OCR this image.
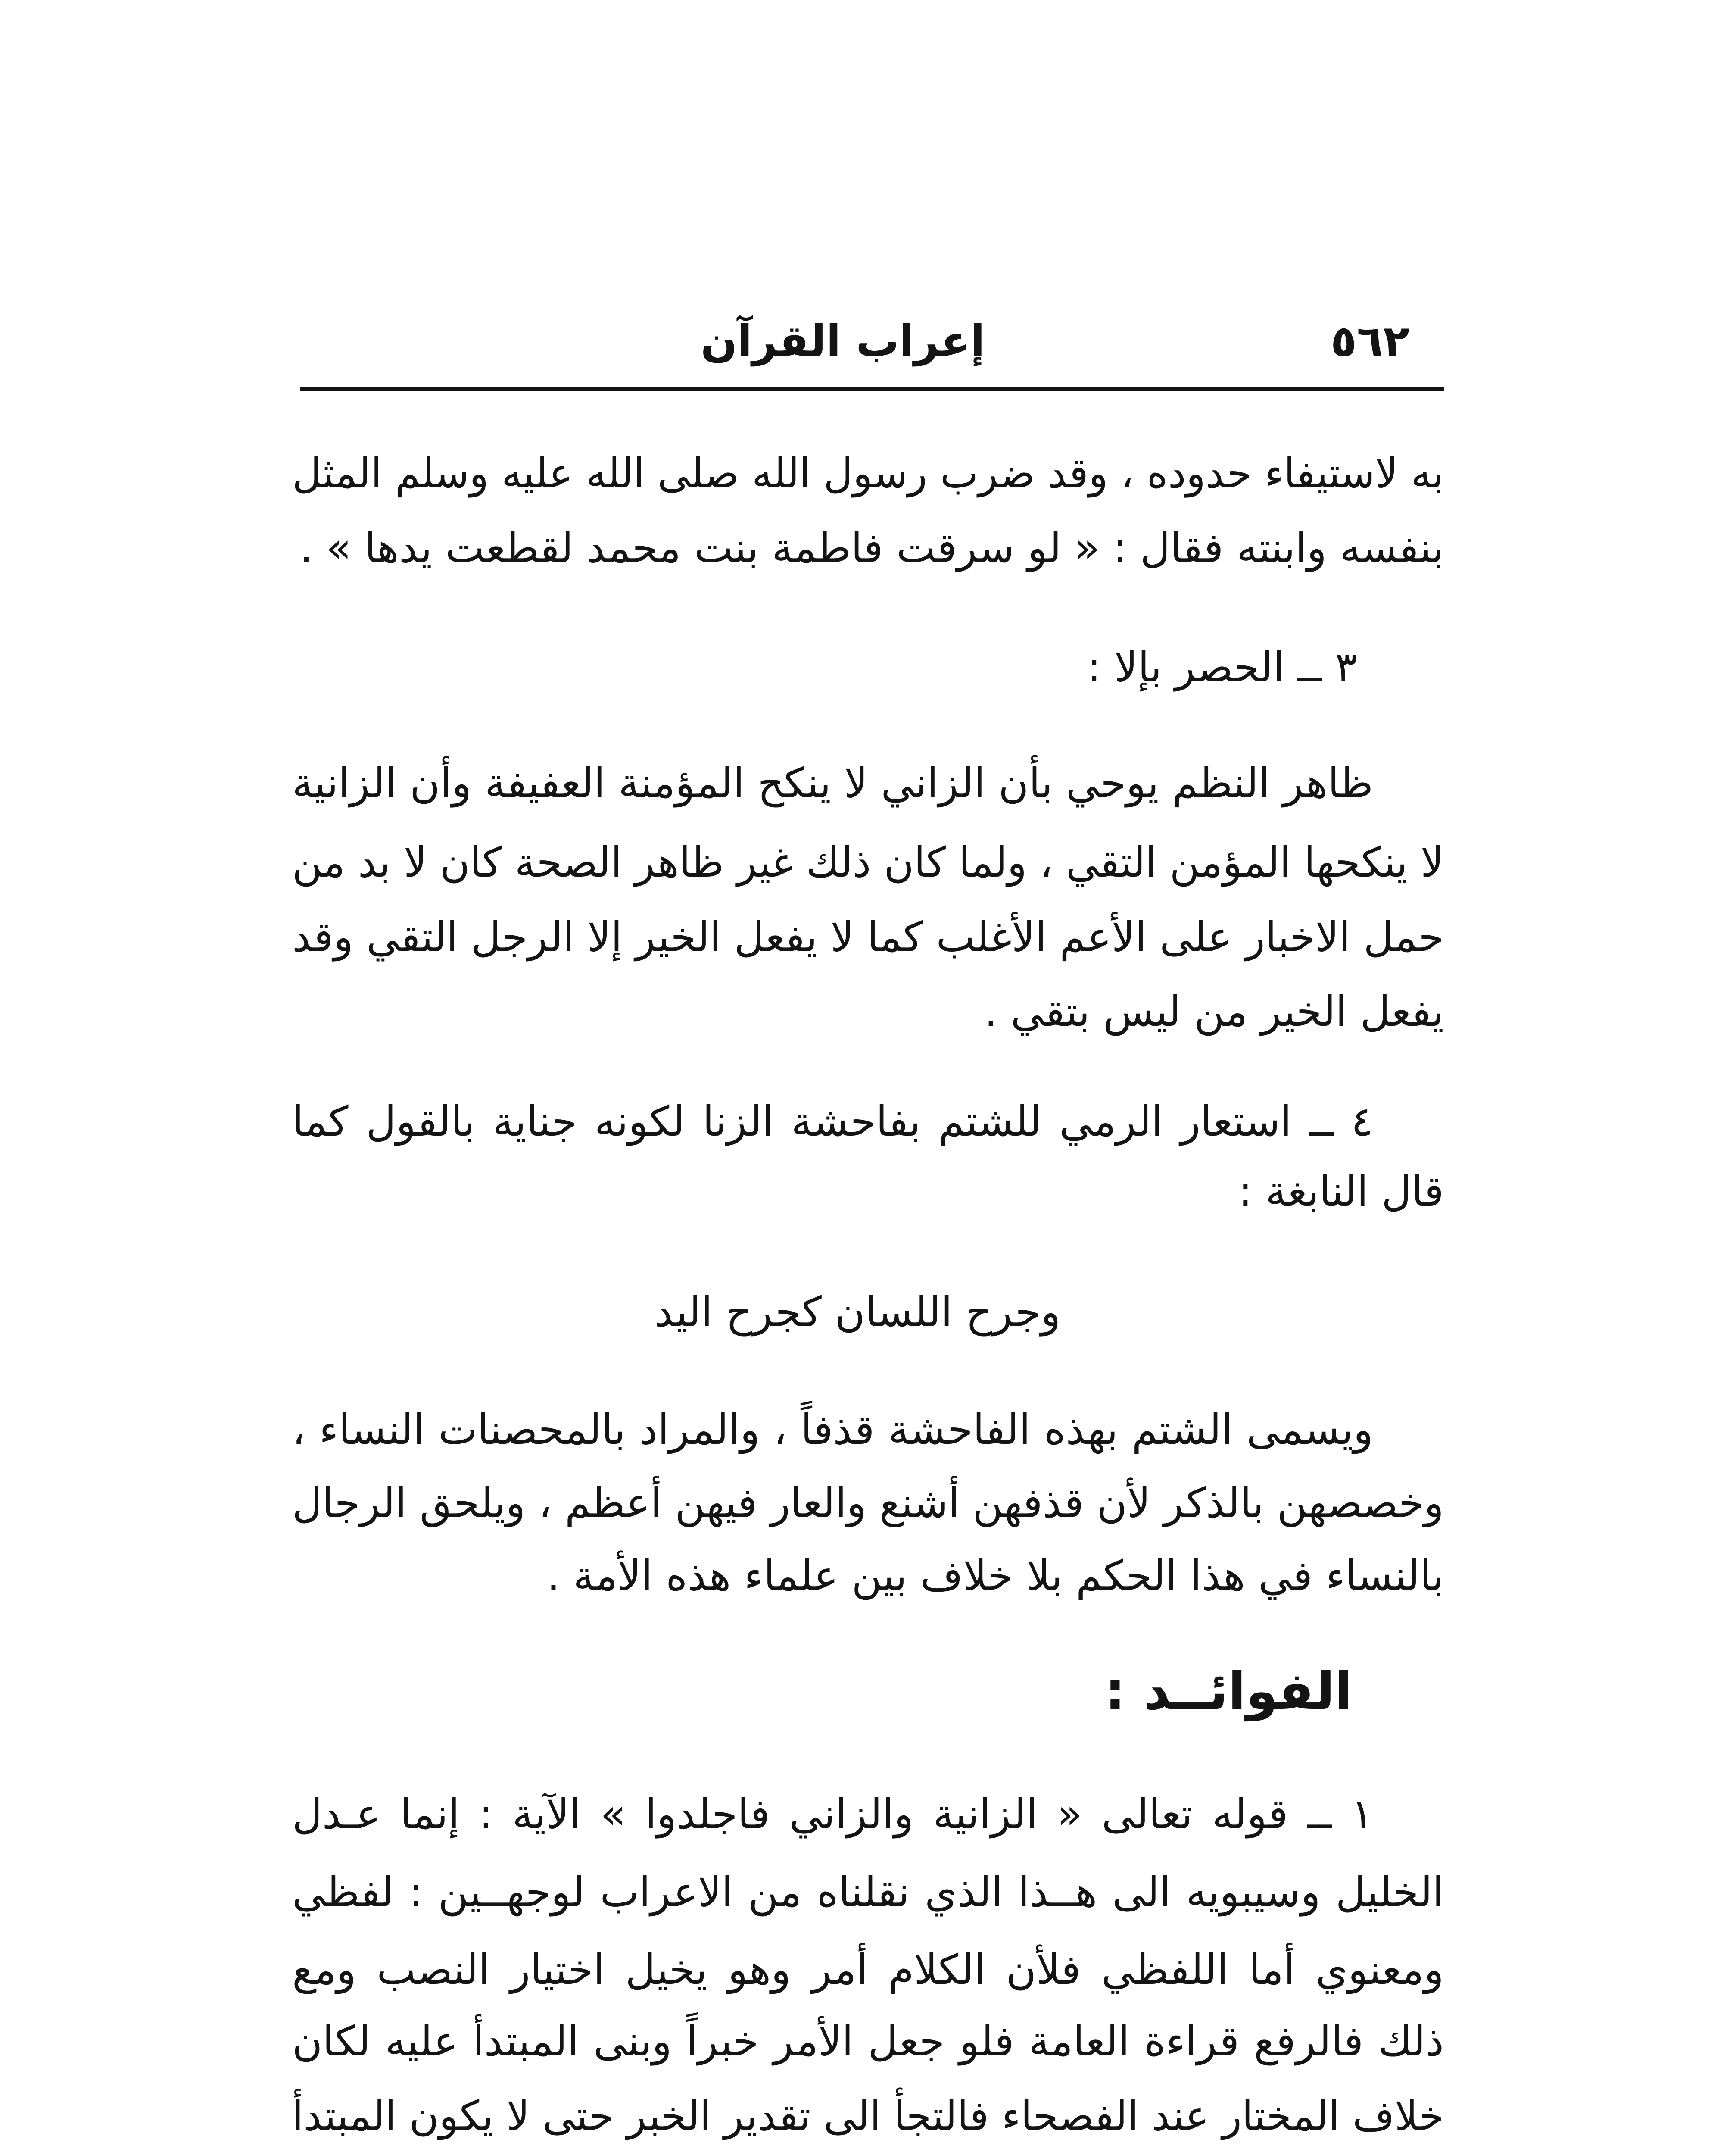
٥٦٢
إعراب القرآن
به لاستيفاء حدوده ، وقد ضرب رسول الله صلى الله عليه وسلم المثل
بنفسه وابنته فقال : « لو سرقت فاطمة بنت محمد لقطعت يدها » .
٣ ــ الحصر بإلا :
ظاهر النظم يوحي بأن الزاني لا ينكح المؤمنة العفيفة وأن الزانية
لا ينكحها المؤمن التقي ، ولما كان ذلك غير ظاهر الصحة كان لا بد من
حمل الاخبار على الأعم الأغلب كما لا يفعل الخير إلا الرجل التقي وقد
يفعل الخير من ليس بتقي .
٤ ــ استعار الرمي للشتم بفاحشة الزنا لكونه جناية بالقول كما
قال النابغة :
وجرح اللسان كجرح اليد
ويسمى الشتم بهذه الفاحشة قذفاً ، والمراد بالمحصنات النساء ،
وخصصهن بالذكر لأن قذفهن أشنع والعار فيهن أعظم ، ويلحق الرجال
بالنساء في هذا الحكم بلا خلاف بين علماء هذه الأمة .
الفوائــد :
١ ــ قوله تعالى « الزانية والزاني فاجلدوا » الآية : إنما عـدل
الخليل وسيبويه الى هــذا الذي نقلناه من الاعراب لوجهــين : لفظي
ومعنوي أما اللفظي فلأن الكلام أمر وهو يخيل اختيار النصب ومع
ذلك فالرفع قراءة العامة فلو جعل الأمر خبراً وبنى المبتدأ عليه لكان
خلاف المختار عند الفصحاء فالتجأ الى تقدير الخبر حتى لا يكون المبتدأ
